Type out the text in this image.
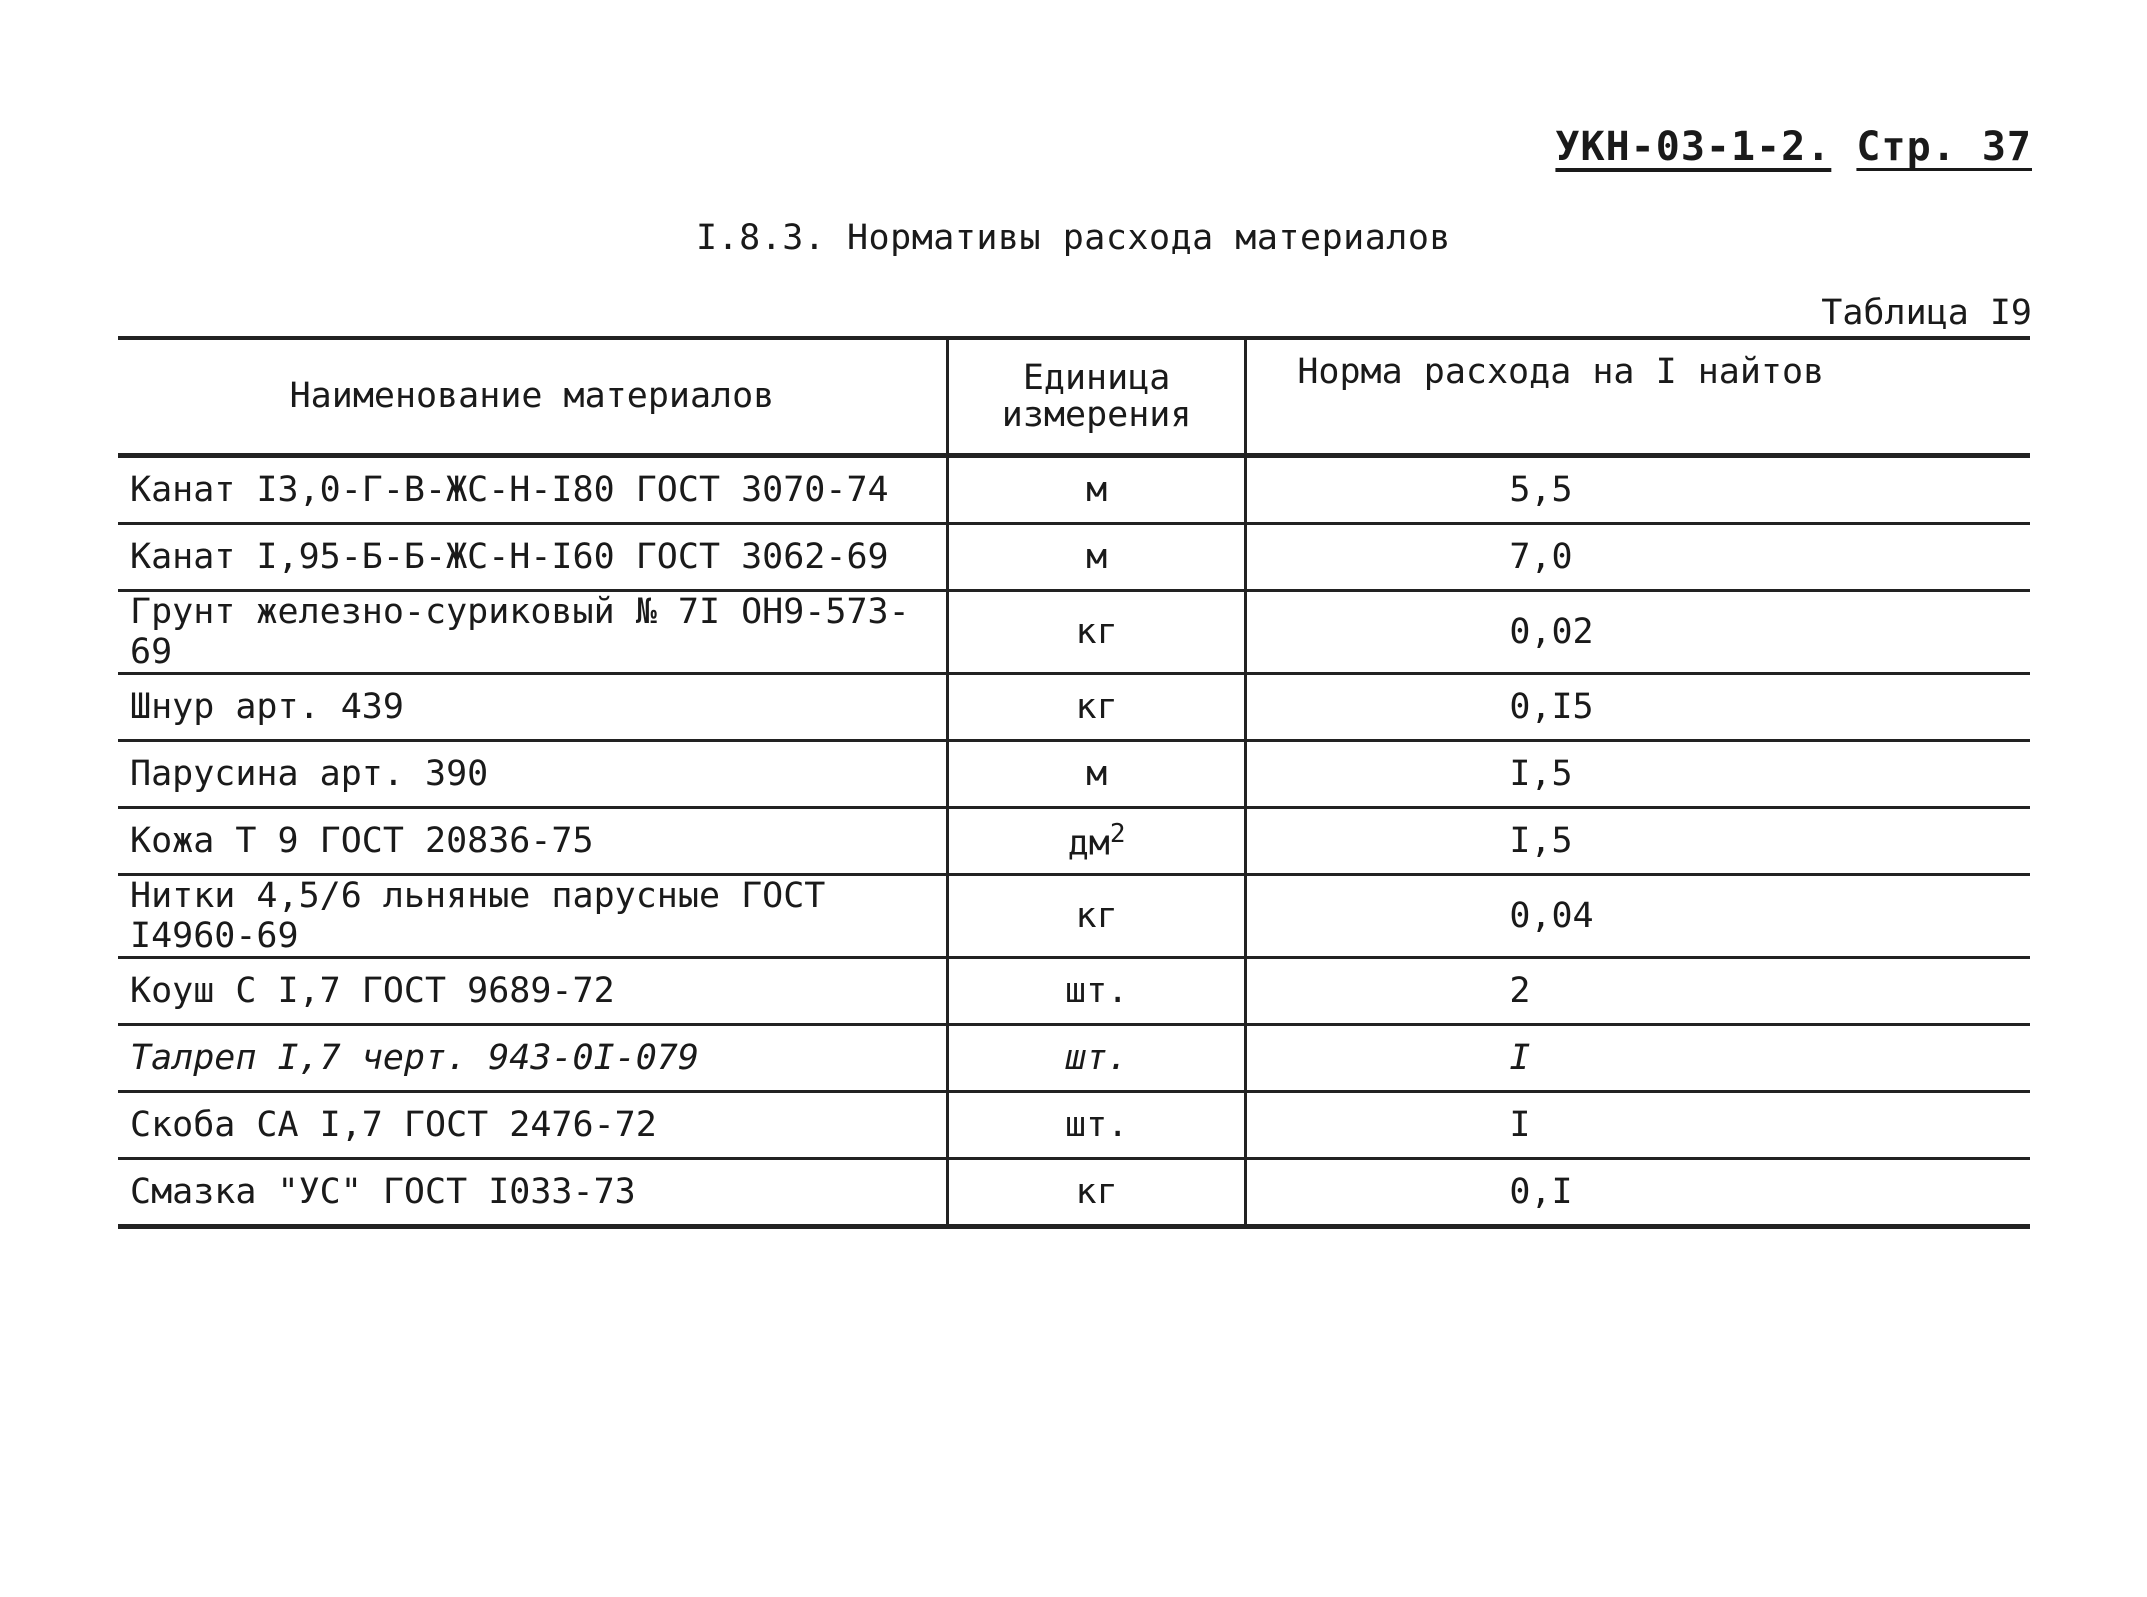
УКН-03-1-2. Стр. 37
I.8.3. Нормативы расхода материалов
Таблица I9
Наименование материалов	Единица измерения	Норма расхода на I найтов
Канат I3,0-Г-В-ЖС-Н-I80 ГОСТ 3070-74	м	5,5
Канат I,95-Б-Б-ЖС-Н-I60 ГОСТ 3062-69	м	7,0
Грунт железно-суриковый № 7I ОН9-573-69	кг	0,02
Шнур арт. 439	кг	0,I5
Парусина арт. 390	м	I,5
Кожа Т 9 ГОСТ 20836-75	$дм^2$	I,5
Нитки 4,5/6 льняные парусные ГОСТ I4960-69	кг	0,04
Коуш С I,7 ГОСТ 9689-72	шт.	2
Талреп I,7 черт. 943-0I-079	шт.	I
Скоба СА I,7 ГОСТ 2476-72	шт.	I
Смазка "УС" ГОСТ I033-73	кг	0,I
